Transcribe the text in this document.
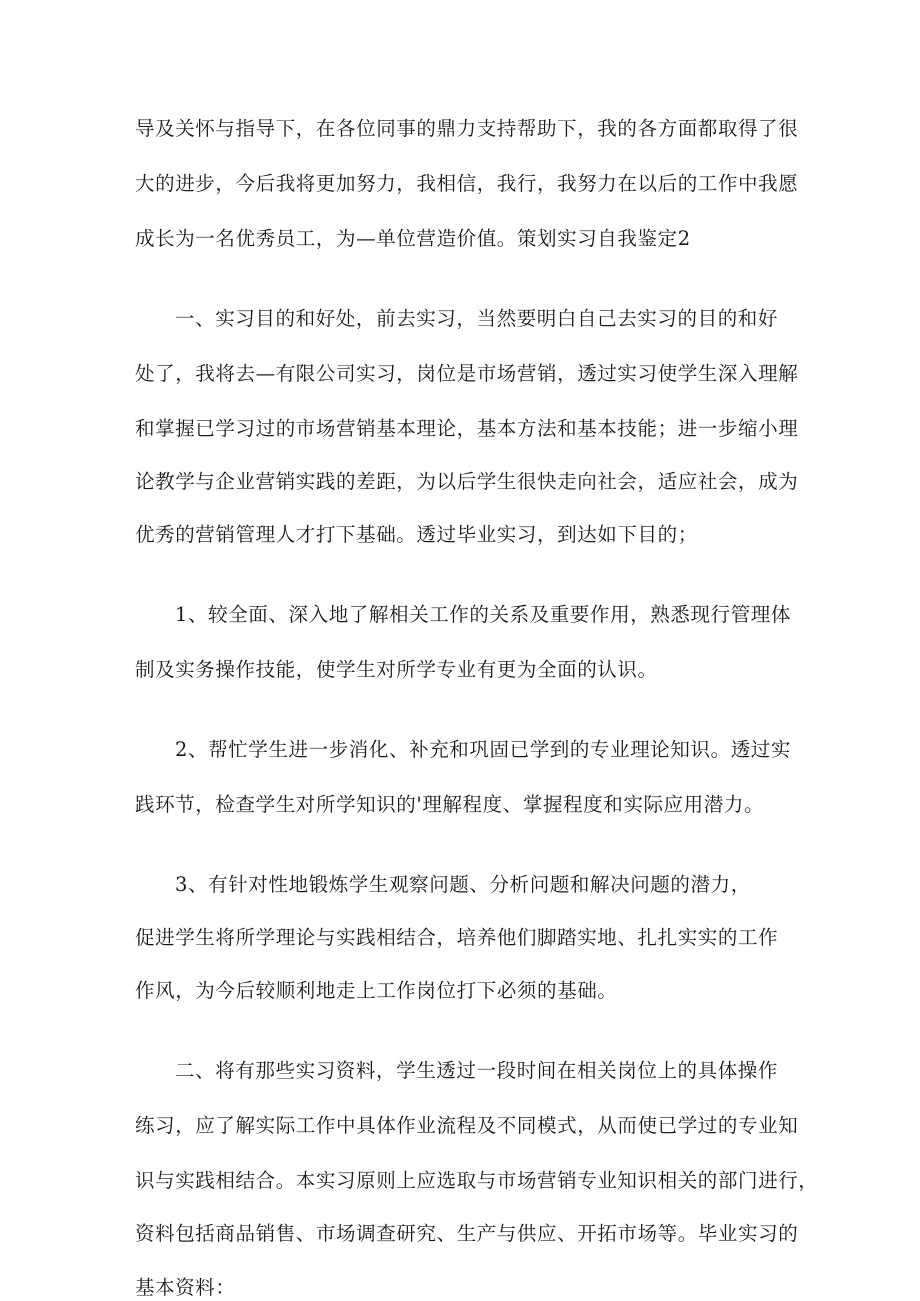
导及关怀与指导下，在各位同事的鼎力支持帮助下，我的各方面都取得了很
大的进步，今后我将更加努力，我相信，我行，我努力在以后的工作中我愿
成长为一名优秀员工，为—单位营造价值。策划实习自我鉴定2
一、实习目的和好处，前去实习，当然要明白自己去实习的目的和好
处了，我将去—有限公司实习，岗位是市场营销，透过实习使学生深入理解
和掌握已学习过的市场营销基本理论，基本方法和基本技能；进一步缩小理
论教学与企业营销实践的差距，为以后学生很快走向社会，适应社会，成为
优秀的营销管理人才打下基础。透过毕业实习，到达如下目的；
1、较全面、深入地了解相关工作的关系及重要作用，熟悉现行管理体
制及实务操作技能，使学生对所学专业有更为全面的认识。
2、帮忙学生进一步消化、补充和巩固已学到的专业理论知识。透过实
践环节，检查学生对所学知识的'理解程度、掌握程度和实际应用潜力。
3、有针对性地锻炼学生观察问题、分析问题和解决问题的潜力，
促进学生将所学理论与实践相结合，培养他们脚踏实地、扎扎实实的工作
作风，为今后较顺利地走上工作岗位打下必须的基础。
二、将有那些实习资料，学生透过一段时间在相关岗位上的具体操作
练习，应了解实际工作中具体作业流程及不同模式，从而使已学过的专业知
识与实践相结合。本实习原则上应选取与市场营销专业知识相关的部门进行，
资料包括商品销售、市场调查研究、生产与供应、开拓市场等。毕业实习的
基本资料：
